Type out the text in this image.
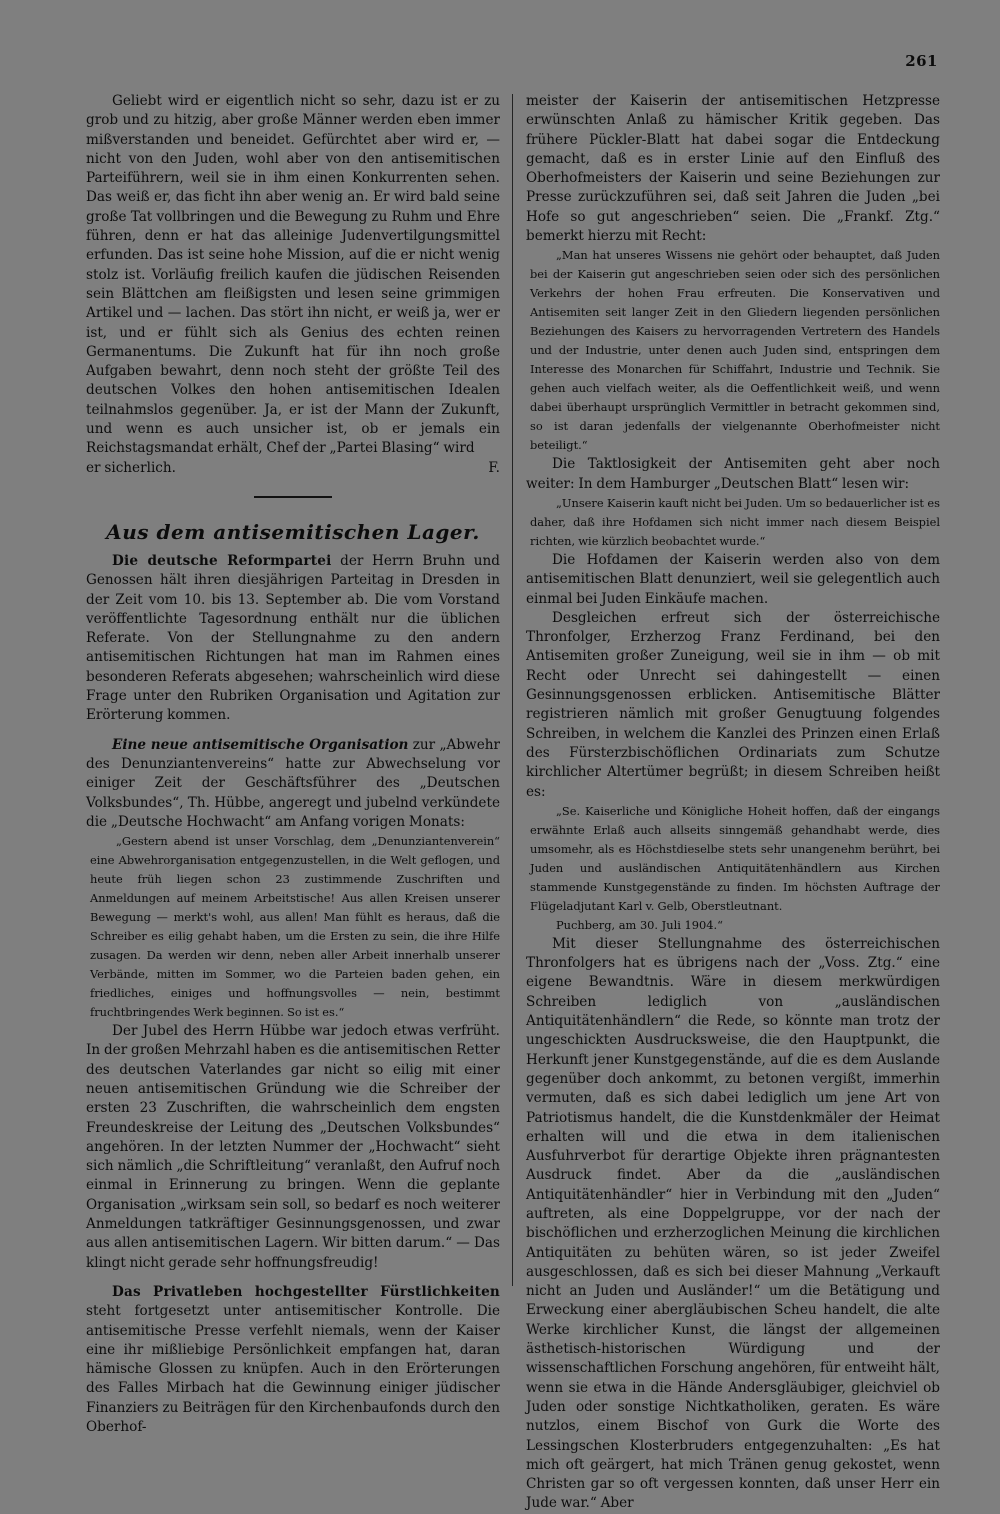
261

Geliebt wird er eigentlich nicht so sehr, dazu ist er zu grob und zu hitzig, aber große Männer werden eben immer mißverstanden und beneidet. Gefürchtet aber wird er, — nicht von den Juden, wohl aber von den antisemitischen Parteiführern, weil sie in ihm einen Konkurrenten sehen. Das weiß er, das ficht ihn aber wenig an. Er wird bald seine große Tat vollbringen und die Bewegung zu Ruhm und Ehre führen, denn er hat das alleinige Judenvertilgungsmittel erfunden. Das ist seine hohe Mission, auf die er nicht wenig stolz ist. Vorläufig freilich kaufen die jüdischen Reisenden sein Blättchen am fleißigsten und lesen seine grimmigen Artikel und — lachen. Das stört ihn nicht, er weiß ja, wer er ist, und er fühlt sich als Genius des echten reinen Germanentums. Die Zukunft hat für ihn noch große Aufgaben bewahrt, denn noch steht der größte Teil des deutschen Volkes den hohen antisemitischen Idealen teilnahmslos gegenüber. Ja, er ist der Mann der Zukunft, und wenn es auch unsicher ist, ob er jemals ein Reichstagsmandat erhält, Chef der „Partei Blasing“ wird

er sicherlich.	F.

Aus dem antisemitischen Lager.

Die deutsche Reformpartei der Herrn Bruhn und Genossen hält ihren diesjährigen Parteitag in Dresden in der Zeit vom 10. bis 13. September ab. Die vom Vorstand veröffentlichte Tagesordnung enthält nur die üblichen Referate. Von der Stellungnahme zu den andern antisemitischen Richtungen hat man im Rahmen eines besonderen Referats abgesehen; wahrscheinlich wird diese Frage unter den Rubriken Organisation und Agitation zur Erörterung kommen.

Eine neue antisemitische Organisation zur „Abwehr des Denunziantenvereins“ hatte zur Abwechselung vor einiger Zeit der Geschäftsführer des „Deutschen Volksbundes“, Th. Hübbe, angeregt und jubelnd verkündete die „Deutsche Hochwacht“ am Anfang vorigen Monats:

„Gestern abend ist unser Vorschlag, dem „Denunziantenverein“ eine Abwehrorganisation entgegenzustellen, in die Welt geflogen, und heute früh liegen schon 23 zustimmende Zuschriften und Anmeldungen auf meinem Arbeitstische! Aus allen Kreisen unserer Bewegung — merkt's wohl, aus allen! Man fühlt es heraus, daß die Schreiber es eilig gehabt haben, um die Ersten zu sein, die ihre Hilfe zusagen. Da werden wir denn, neben aller Arbeit innerhalb unserer Verbände, mitten im Sommer, wo die Parteien baden gehen, ein friedliches, einiges und hoffnungsvolles — nein, bestimmt fruchtbringendes Werk beginnen. So ist es.“

Der Jubel des Herrn Hübbe war jedoch etwas verfrüht. In der großen Mehrzahl haben es die antisemitischen Retter des deutschen Vaterlandes gar nicht so eilig mit einer neuen antisemitischen Gründung wie die Schreiber der ersten 23 Zuschriften, die wahrscheinlich dem engsten Freundeskreise der Leitung des „Deutschen Volksbundes“ angehören. In der letzten Nummer der „Hochwacht“ sieht sich nämlich „die Schriftleitung“ veranlaßt, den Aufruf noch einmal in Erinnerung zu bringen. Wenn die geplante Organisation „wirksam sein soll, so bedarf es noch weiterer Anmeldungen tatkräftiger Gesinnungsgenossen, und zwar aus allen antisemitischen Lagern. Wir bitten darum.“ — Das klingt nicht gerade sehr hoffnungsfreudig!

Das Privatleben hochgestellter Fürstlichkeiten steht fortgesetzt unter antisemitischer Kontrolle. Die antisemitische Presse verfehlt niemals, wenn der Kaiser eine ihr mißliebige Persönlichkeit empfangen hat, daran hämische Glossen zu knüpfen. Auch in den Erörterungen des Falles Mirbach hat die Gewinnung einiger jüdischer Finanziers zu Beiträgen für den Kirchenbaufonds durch den Oberhof-

meister der Kaiserin der antisemitischen Hetzpresse erwünschten Anlaß zu hämischer Kritik gegeben. Das frühere Pückler-Blatt hat dabei sogar die Entdeckung gemacht, daß es in erster Linie auf den Einfluß des Oberhofmeisters der Kaiserin und seine Beziehungen zur Presse zurückzuführen sei, daß seit Jahren die Juden „bei Hofe so gut angeschrieben“ seien. Die „Frankf. Ztg.“ bemerkt hierzu mit Recht:

„Man hat unseres Wissens nie gehört oder behauptet, daß Juden bei der Kaiserin gut angeschrieben seien oder sich des persönlichen Verkehrs der hohen Frau erfreuten. Die Konservativen und Antisemiten seit langer Zeit in den Gliedern liegenden persönlichen Beziehungen des Kaisers zu hervorragenden Vertretern des Handels und der Industrie, unter denen auch Juden sind, entspringen dem Interesse des Monarchen für Schiffahrt, Industrie und Technik. Sie gehen auch vielfach weiter, als die Oeffentlichkeit weiß, und wenn dabei überhaupt ursprünglich Vermittler in betracht gekommen sind, so ist daran jedenfalls der vielgenannte Oberhofmeister nicht beteiligt.“

Die Taktlosigkeit der Antisemiten geht aber noch weiter: In dem Hamburger „Deutschen Blatt“ lesen wir:

„Unsere Kaiserin kauft nicht bei Juden. Um so bedauerlicher ist es daher, daß ihre Hofdamen sich nicht immer nach diesem Beispiel richten, wie kürzlich beobachtet wurde.“

Die Hofdamen der Kaiserin werden also von dem antisemitischen Blatt denunziert, weil sie gelegentlich auch einmal bei Juden Einkäufe machen.

Desgleichen erfreut sich der österreichische Thronfolger, Erzherzog Franz Ferdinand, bei den Antisemiten großer Zuneigung, weil sie in ihm — ob mit Recht oder Unrecht sei dahingestellt — einen Gesinnungsgenossen erblicken. Antisemitische Blätter registrieren nämlich mit großer Genugtuung folgendes Schreiben, in welchem die Kanzlei des Prinzen einen Erlaß des Fürsterzbischöflichen Ordinariats zum Schutze kirchlicher Altertümer begrüßt; in diesem Schreiben heißt es:

„Se. Kaiserliche und Königliche Hoheit hoffen, daß der eingangs erwähnte Erlaß auch allseits sinngemäß gehandhabt werde, dies umsomehr, als es Höchstdieselbe stets sehr unangenehm berührt, bei Juden und ausländischen Antiquitätenhändlern aus Kirchen stammende Kunstgegenstände zu finden. Im höchsten Auftrage der Flügeladjutant Karl v. Gelb, Oberstleutnant.

Puchberg, am 30. Juli 1904.“

Mit dieser Stellungnahme des österreichischen Thronfolgers hat es übrigens nach der „Voss. Ztg.“ eine eigene Bewandtnis. Wäre in diesem merkwürdigen Schreiben lediglich von „ausländischen Antiquitätenhändlern“ die Rede, so könnte man trotz der ungeschickten Ausdrucksweise, die den Hauptpunkt, die Herkunft jener Kunstgegenstände, auf die es dem Auslande gegenüber doch ankommt, zu betonen vergißt, immerhin vermuten, daß es sich dabei lediglich um jene Art von Patriotismus handelt, die die Kunstdenkmäler der Heimat erhalten will und die etwa in dem italienischen Ausfuhrverbot für derartige Objekte ihren prägnantesten Ausdruck findet. Aber da die „ausländischen Antiquitätenhändler“ hier in Verbindung mit den „Juden“ auftreten, als eine Doppelgruppe, vor der nach der bischöflichen und erzherzoglichen Meinung die kirchlichen Antiquitäten zu behüten wären, so ist jeder Zweifel ausgeschlossen, daß es sich bei dieser Mahnung „Verkauft nicht an Juden und Ausländer!“ um die Betätigung und Erweckung einer abergläubischen Scheu handelt, die alte Werke kirchlicher Kunst, die längst der allgemeinen ästhetisch-historischen Würdigung und der wissenschaftlichen Forschung angehören, für entweiht hält, wenn sie etwa in die Hände Andersgläubiger, gleichviel ob Juden oder sonstige Nichtkatholiken, geraten. Es wäre nutzlos, einem Bischof von Gurk die Worte des Lessingschen Klosterbruders entgegenzuhalten: „Es hat mich oft geärgert, hat mich Tränen genug gekostet, wenn Christen gar so oft vergessen konnten, daß unser Herr ein Jude war.“ Aber
